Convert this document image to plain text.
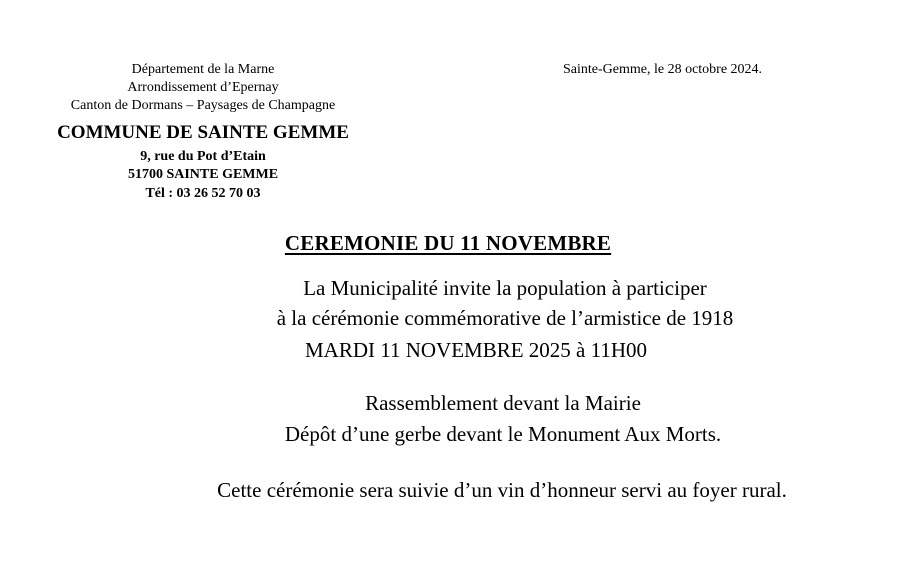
Département de la Marne
Arrondissement d’Epernay
Canton de Dormans – Paysages de Champagne
COMMUNE DE SAINTE GEMME
9, rue du Pot d’Etain
51700 SAINTE GEMME
Tél : 03 26 52 70 03
Sainte-Gemme, le 28 octobre 2024.
CEREMONIE DU 11 NOVEMBRE
La Municipalité invite la population à participer
à la cérémonie commémorative de l’armistice de 1918
MARDI 11 NOVEMBRE 2025 à 11H00
Rassemblement devant la Mairie
Dépôt d’une gerbe devant le Monument Aux Morts.
Cette cérémonie sera suivie d’un vin d’honneur servi au foyer rural.
